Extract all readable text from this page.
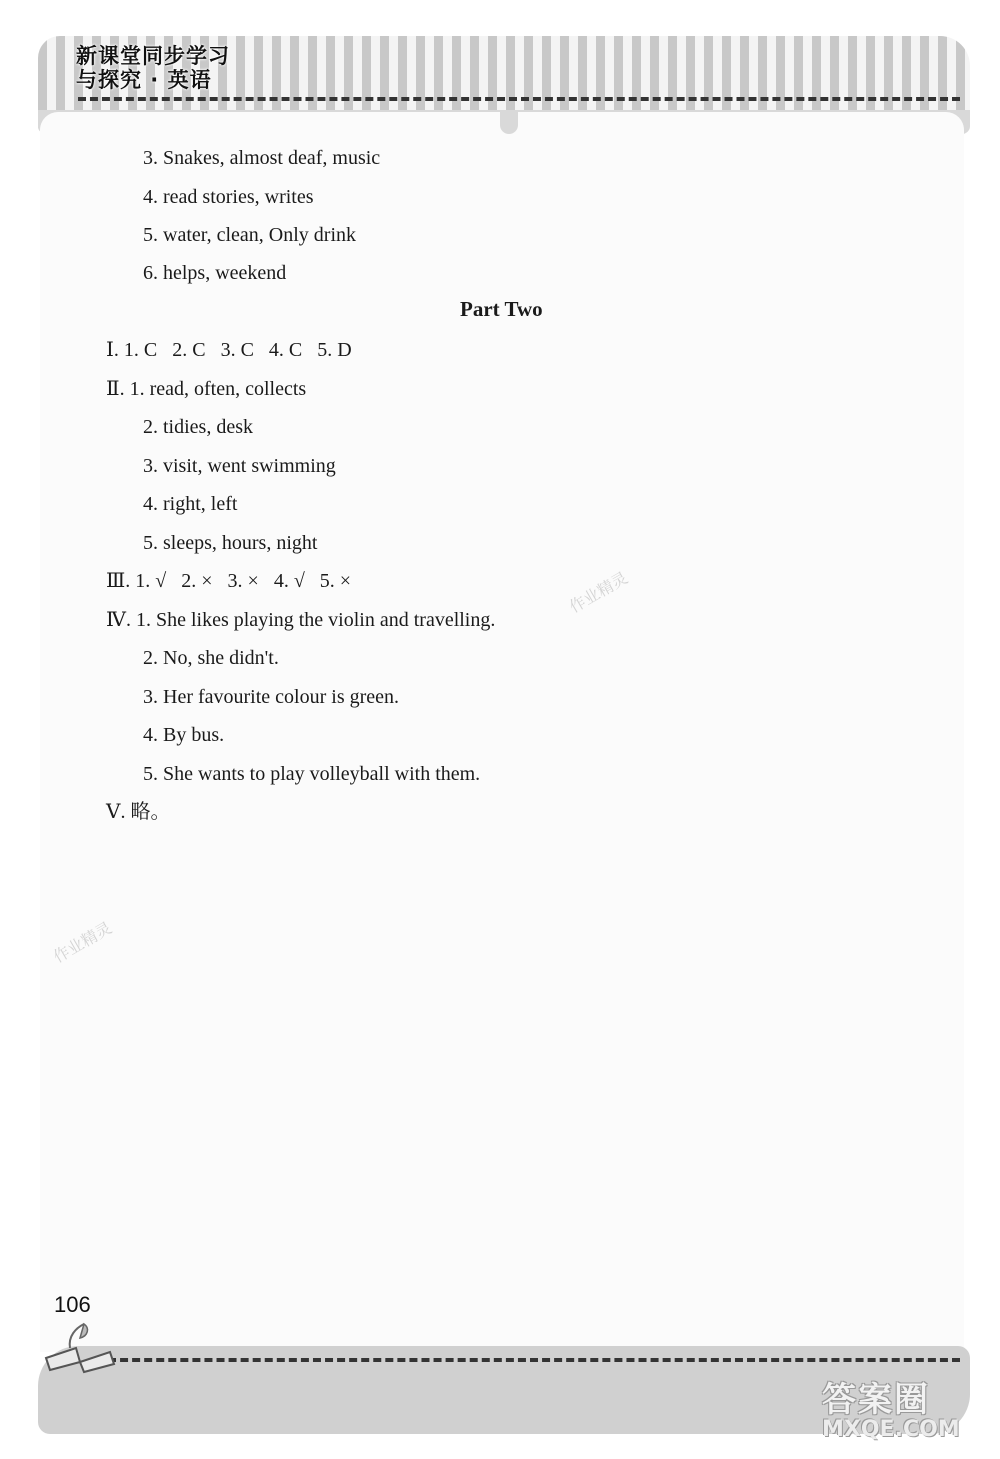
新课堂同步学习
与探究 · 英语
3. Snakes, almost deaf, music
4. read stories, writes
5. water, clean, Only drink
6. helps, weekend
Part Two
Ⅰ. 1. C   2. C   3. C   4. C   5. D
Ⅱ. 1. read, often, collects
2. tidies, desk
3. visit, went swimming
4. right, left
5. sleeps, hours, night
Ⅲ. 1. √   2. ×   3. ×   4. √   5. ×
Ⅳ. 1. She likes playing the violin and travelling.
2. No, she didn't.
3. Her favourite colour is green.
4. By bus.
5. She wants to play volleyball with them.
Ⅴ. 略。
作业精灵
作业精灵
106
答案圈
MXQE.COM
